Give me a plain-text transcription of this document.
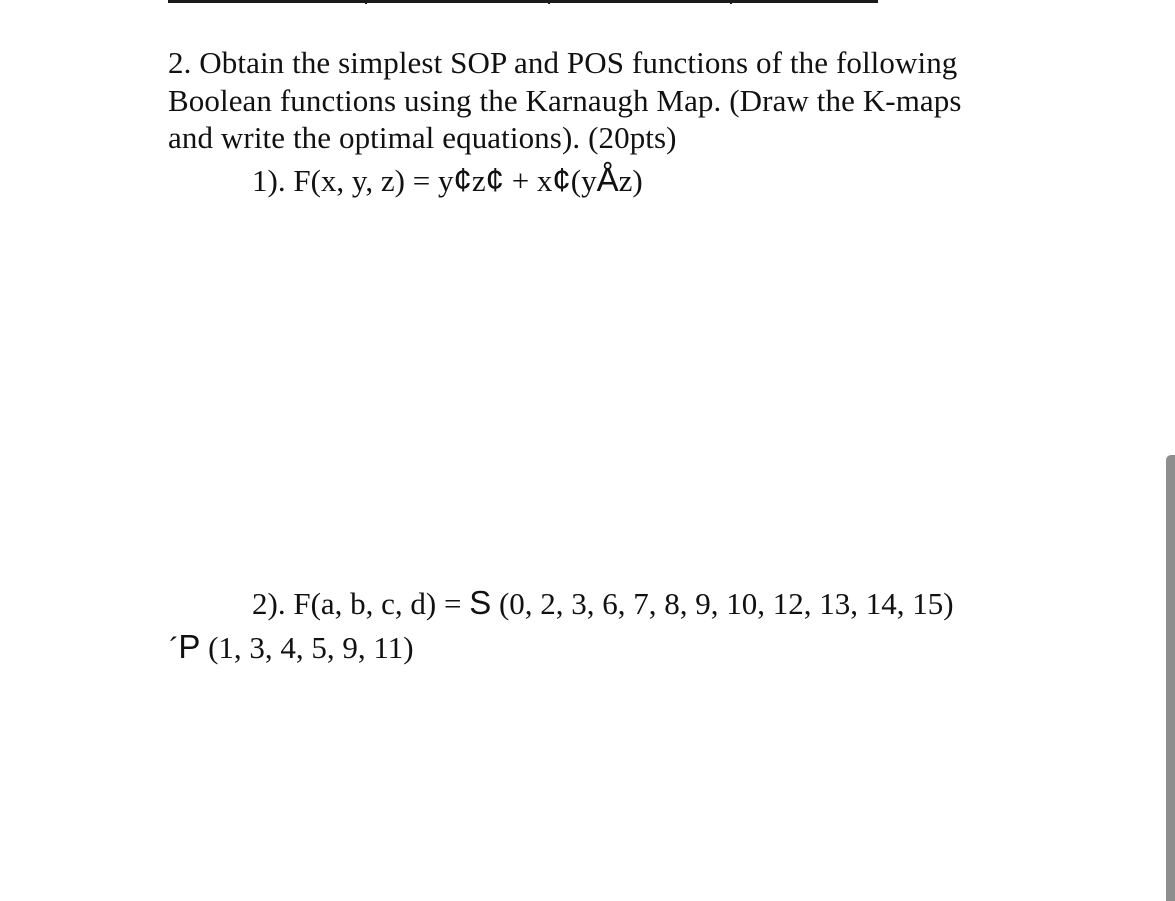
2. Obtain the simplest SOP and POS functions of the following
Boolean functions using the Karnaugh Map. (Draw the K-maps
and write the optimal equations). (20pts)
1). F(x, y, z) = y¢z¢ + x¢(yÅz)
2). F(a, b, c, d) = S (0, 2, 3, 6, 7, 8, 9, 10, 12, 13, 14, 15)
´P (1, 3, 4, 5, 9, 11)
